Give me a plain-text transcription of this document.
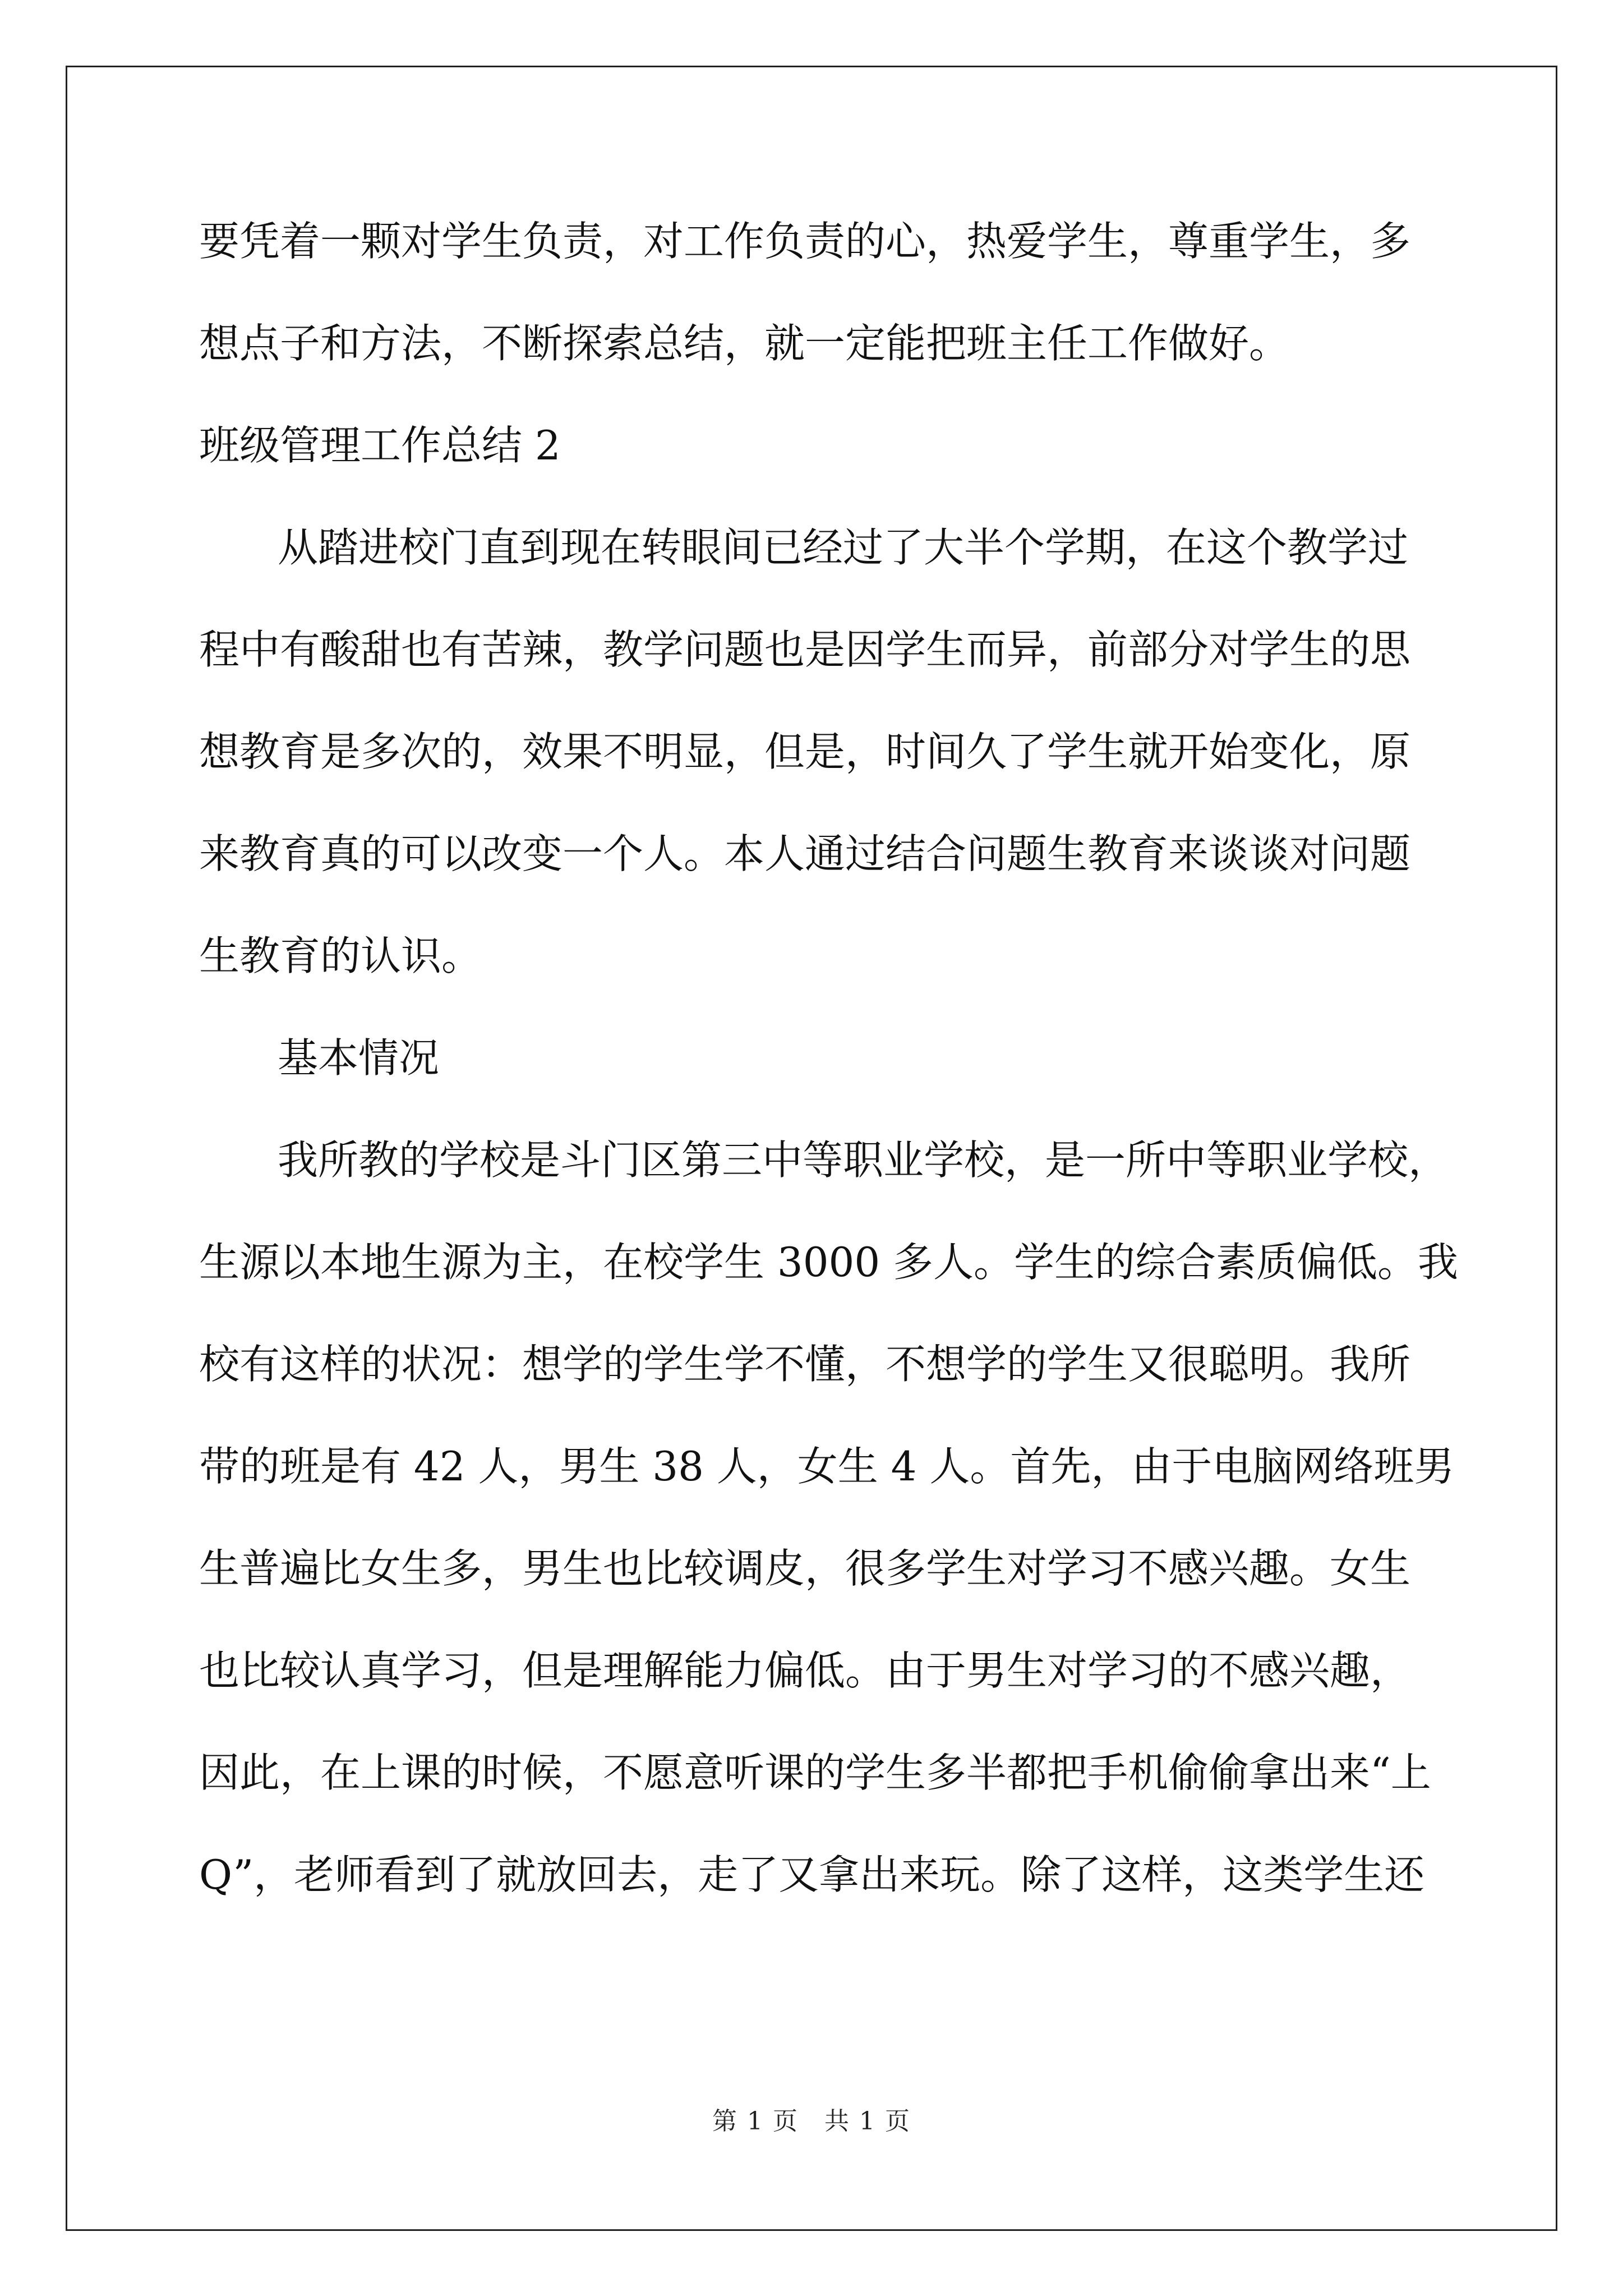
要凭着一颗对学生负责，对工作负责的心，热爱学生，尊重学生，多
想点子和方法，不断探索总结，就一定能把班主任工作做好。
班级管理工作总结 2
从踏进校门直到现在转眼间已经过了大半个学期，在这个教学过
程中有酸甜也有苦辣，教学问题也是因学生而异，前部分对学生的思
想教育是多次的，效果不明显，但是，时间久了学生就开始变化，原
来教育真的可以改变一个人。本人通过结合问题生教育来谈谈对问题
生教育的认识。
基本情况
我所教的学校是斗门区第三中等职业学校，是一所中等职业学校，
生源以本地生源为主，在校学生 3000 多人。学生的综合素质偏低。我
校有这样的状况：想学的学生学不懂，不想学的学生又很聪明。我所
带的班是有 42 人，男生 38 人，女生 4 人。首先，由于电脑网络班男
生普遍比女生多，男生也比较调皮，很多学生对学习不感兴趣。女生
也比较认真学习，但是理解能力偏低。由于男生对学习的不感兴趣，
因此，在上课的时候，不愿意听课的学生多半都把手机偷偷拿出来“上
Q”，老师看到了就放回去，走了又拿出来玩。除了这样，这类学生还
第 1 页　共 1 页
